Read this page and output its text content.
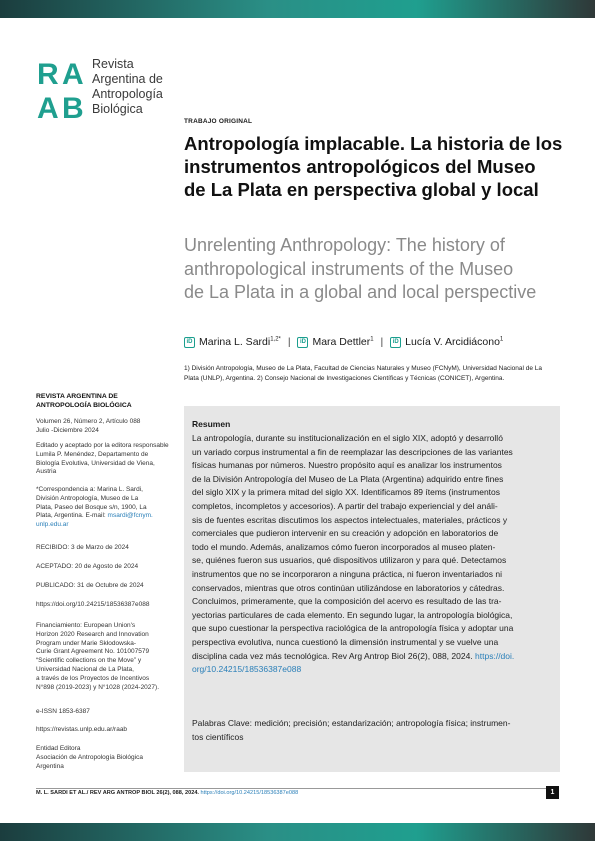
R A
A B
Revista
Argentina de
Antropología
Biológica
TRABAJO ORIGINAL
Antropología implacable. La historia de los
instrumentos antropológicos del Museo
de La Plata en perspectiva global y local
Unrelenting Anthropology: The history of
anthropological instruments of the Museo
de La Plata in a global and local perspective
iD Marina L. Sardi$^{1,2*}$ | iD Mara Dettler$^1$ | iD Lucía V. Arcidiácono$^1$
1) División Antropología, Museo de La Plata, Facultad de Ciencias Naturales y Museo (FCNyM), Universidad Nacional de La
Plata (UNLP), Argentina. 2) Consejo Nacional de Investigaciones Científicas y Técnicas (CONICET), Argentina.
REVISTA ARGENTINA DE
ANTROPOLOGÍA BIOLÓGICA
Volumen 26, Número 2, Artículo 088
Julio -Diciembre 2024
Editado y aceptado por la editora responsable
Lumila P. Menéndez, Departamento de
Biología Evolutiva, Universidad de Viena,
Austria
*Correspondencia a: Marina L. Sardi,
División Antropología, Museo de La
Plata, Paseo del Bosque s/n, 1900, La
Plata, Argentina. E-mail: msardi@fcnym.
unlp.edu.ar
RECIBIDO: 3 de Marzo de 2024
ACEPTADO: 20 de Agosto de 2024
PUBLICADO: 31 de Octubre de 2024
https://doi.org/10.24215/18536387e088
Financiamiento: European Union's
Horizon 2020 Research and Innovation
Program under Marie Skłodowska-
Curie Grant Agreement No. 101007579
“Scientific collections on the Move” y
Universidad Nacional de La Plata,
a través de los Proyectos de Incentivos
N°898 (2019-2023) y N°1028 (2024-2027).
e-ISSN 1853-6387
https://revistas.unlp.edu.ar/raab
Entidad Editora
Asociación de Antropología Biológica
Argentina
Resumen
La antropología, durante su institucionalización en el siglo XIX, adoptó y desarrolló
un variado corpus instrumental a fin de reemplazar las descripciones de las variantes
físicas humanas por números. Nuestro propósito aquí es analizar los instrumentos
de la División Antropología del Museo de La Plata (Argentina) adquirido entre fines
del siglo XIX y la primera mitad del siglo XX. Identificamos 89 ítems (instrumentos
completos, incompletos y accesorios). A partir del trabajo experiencial y del análi-
sis de fuentes escritas discutimos los aspectos intelectuales, materiales, prácticos y
comerciales que pudieron intervenir en su creación y adopción en laboratorios de
todo el mundo. Además, analizamos cómo fueron incorporados al museo platen-
se, quiénes fueron sus usuarios, qué dispositivos utilizaron y para qué. Detectamos
instrumentos que no se incorporaron a ninguna práctica, ni fueron inventariados ni
conservados, mientras que otros continúan utilizándose en laboratorios y cátedras.
Concluimos, primeramente, que la composición del acervo es resultado de las tra-
yectorias particulares de cada elemento. En segundo lugar, la antropología biológica,
que supo cuestionar la perspectiva raciológica de la antropología física y adoptar una
perspectiva evolutiva, nunca cuestionó la dimensión instrumental y se vuelve una
disciplina cada vez más tecnológica. Rev Arg Antrop Biol 26(2), 088, 2024. https://doi.
org/10.24215/18536387e088
Palabras Clave: medición; precisión; estandarización; antropología física; instrumen-
tos científicos
M. L. SARDI ET AL./ REV ARG ANTROP BIOL 26(2), 088, 2024. https://doi.org/10.24215/18536387e088	1
